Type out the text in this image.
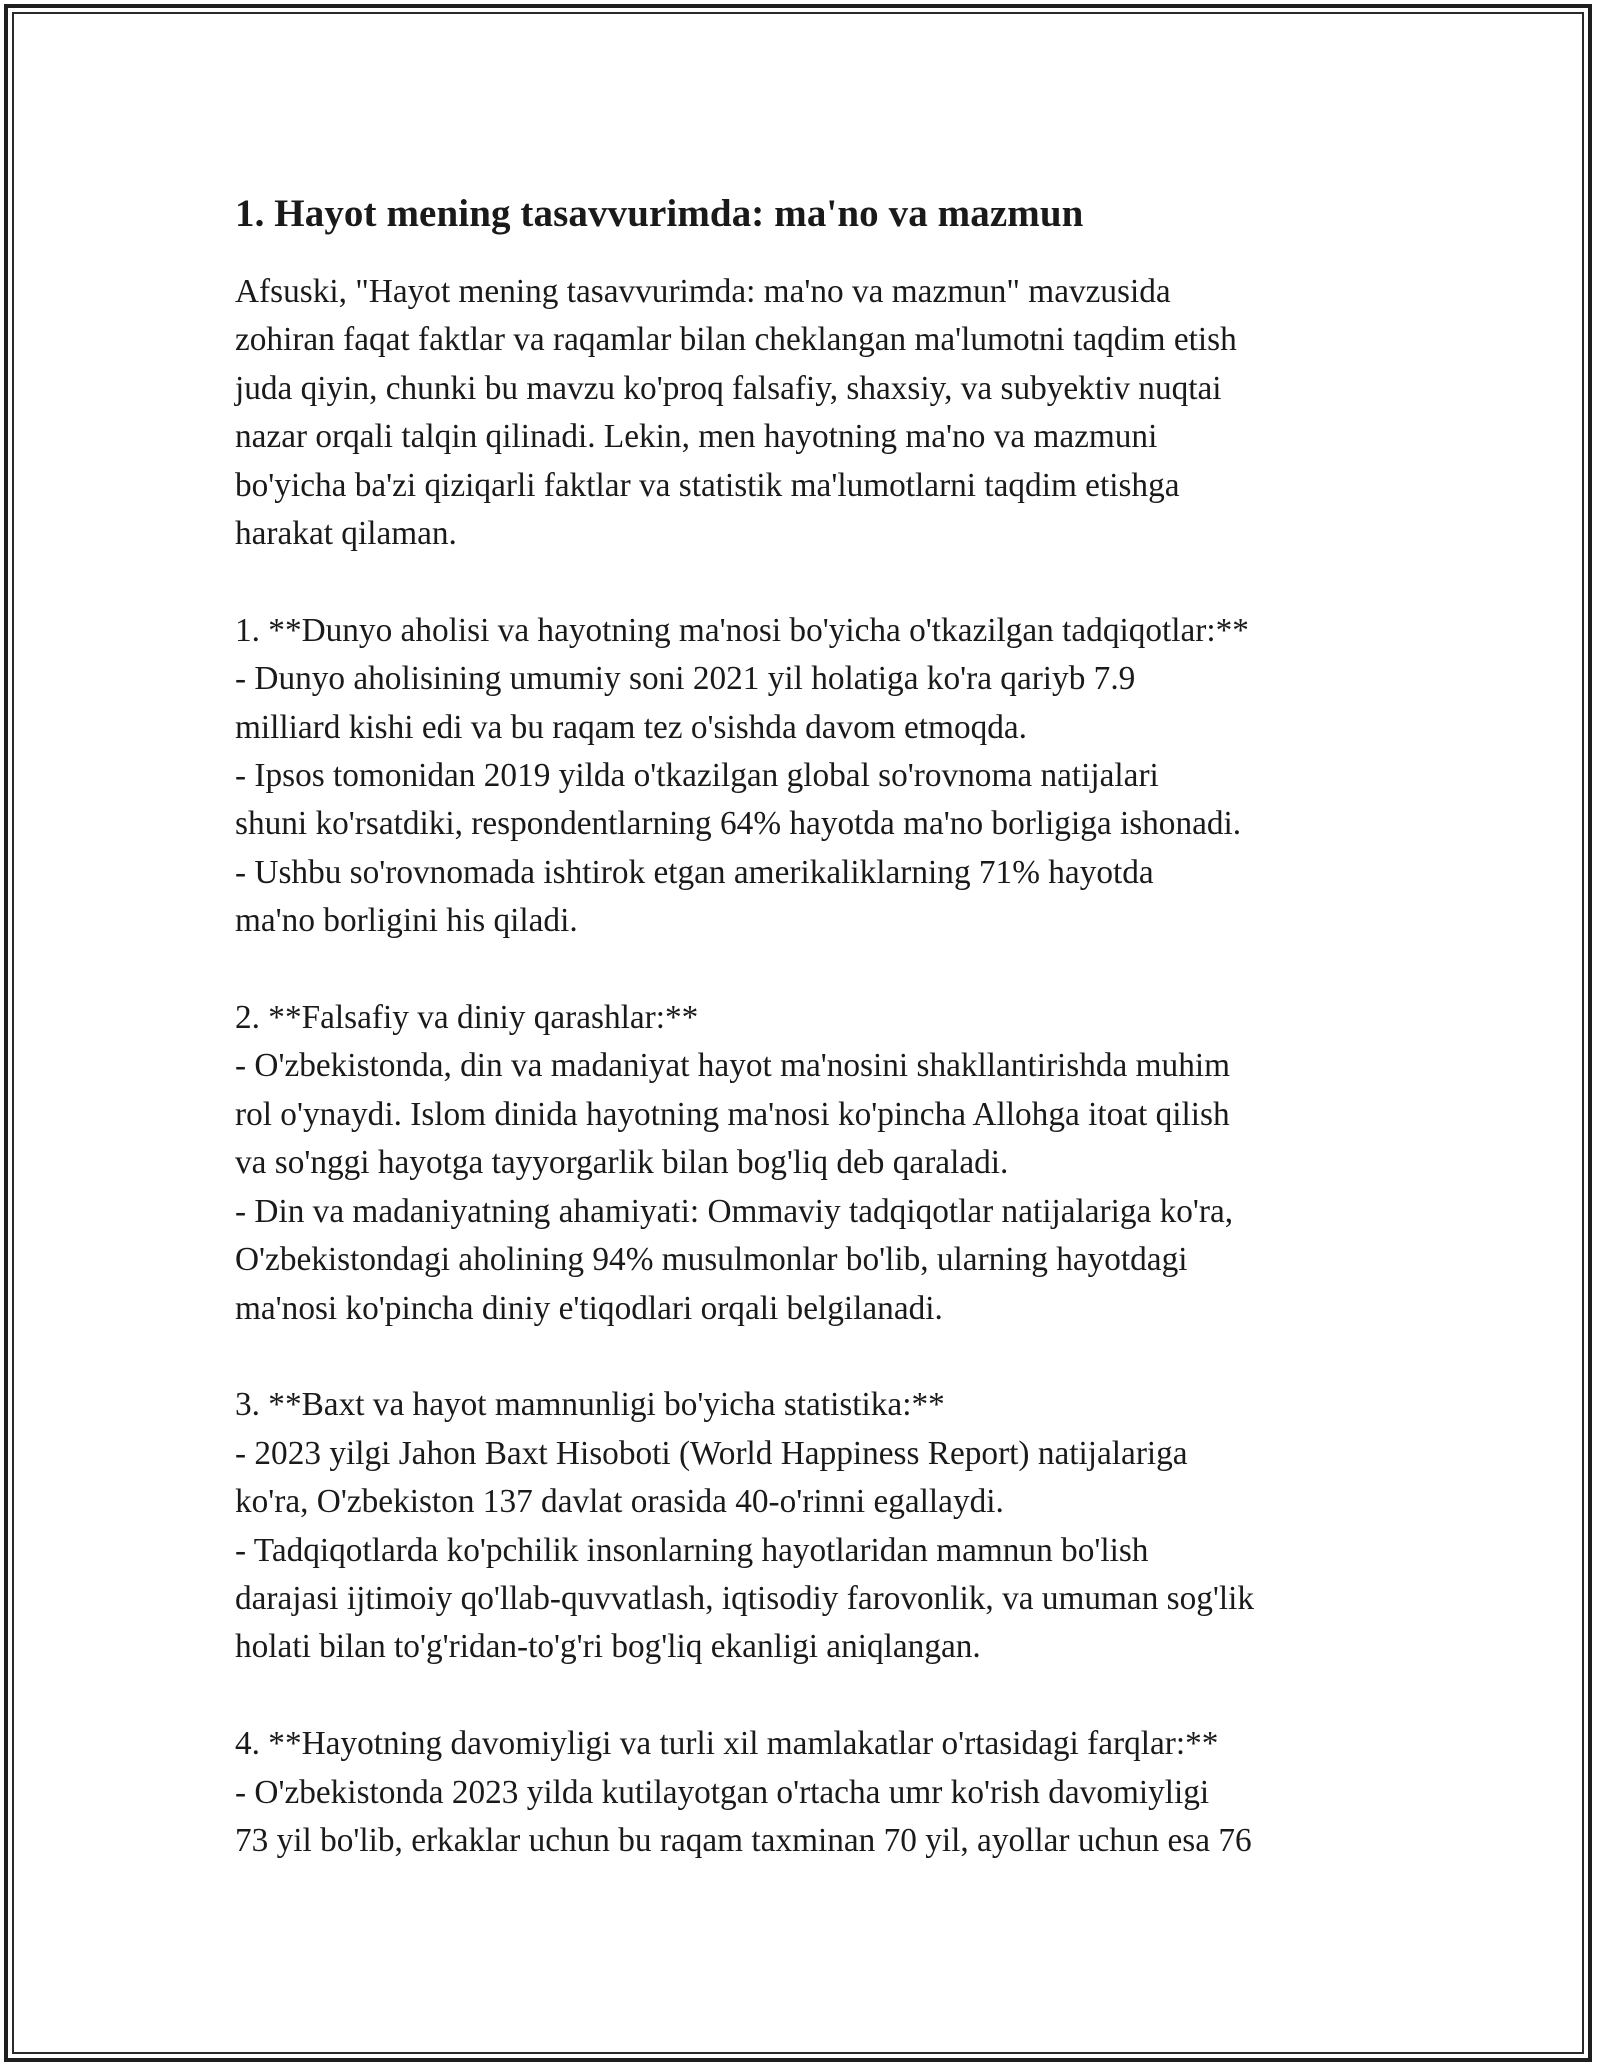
1. Hayot mening tasavvurimda: ma'no va mazmun

Afsuski, "Hayot mening tasavvurimda: ma'no va mazmun" mavzusida
zohiran faqat faktlar va raqamlar bilan cheklangan ma'lumotni taqdim etish
juda qiyin, chunki bu mavzu ko'proq falsafiy, shaxsiy, va subyektiv nuqtai
nazar orqali talqin qilinadi. Lekin, men hayotning ma'no va mazmuni
bo'yicha ba'zi qiziqarli faktlar va statistik ma'lumotlarni taqdim etishga
harakat qilaman.

1. **Dunyo aholisi va hayotning ma'nosi bo'yicha o'tkazilgan tadqiqotlar:**

- Dunyo aholisining umumiy soni 2021 yil holatiga ko'ra qariyb 7.9
milliard kishi edi va bu raqam tez o'sishda davom etmoqda.

- Ipsos tomonidan 2019 yilda o'tkazilgan global so'rovnoma natijalari
shuni ko'rsatdiki, respondentlarning 64% hayotda ma'no borligiga ishonadi.

- Ushbu so'rovnomada ishtirok etgan amerikaliklarning 71% hayotda
ma'no borligini his qiladi.

2. **Falsafiy va diniy qarashlar:**

- O'zbekistonda, din va madaniyat hayot ma'nosini shakllantirishda muhim
rol o'ynaydi. Islom dinida hayotning ma'nosi ko'pincha Allohga itoat qilish
va so'nggi hayotga tayyorgarlik bilan bog'liq deb qaraladi.

- Din va madaniyatning ahamiyati: Ommaviy tadqiqotlar natijalariga ko'ra,
O'zbekistondagi aholining 94% musulmonlar bo'lib, ularning hayotdagi
ma'nosi ko'pincha diniy e'tiqodlari orqali belgilanadi.

3. **Baxt va hayot mamnunligi bo'yicha statistika:**

- 2023 yilgi Jahon Baxt Hisoboti (World Happiness Report) natijalariga
ko'ra, O'zbekiston 137 davlat orasida 40-o'rinni egallaydi.

- Tadqiqotlarda ko'pchilik insonlarning hayotlaridan mamnun bo'lish
darajasi ijtimoiy qo'llab-quvvatlash, iqtisodiy farovonlik, va umuman sog'lik
holati bilan to'g'ridan-to'g'ri bog'liq ekanligi aniqlangan.

4. **Hayotning davomiyligi va turli xil mamlakatlar o'rtasidagi farqlar:**

- O'zbekistonda 2023 yilda kutilayotgan o'rtacha umr ko'rish davomiyligi
73 yil bo'lib, erkaklar uchun bu raqam taxminan 70 yil, ayollar uchun esa 76
